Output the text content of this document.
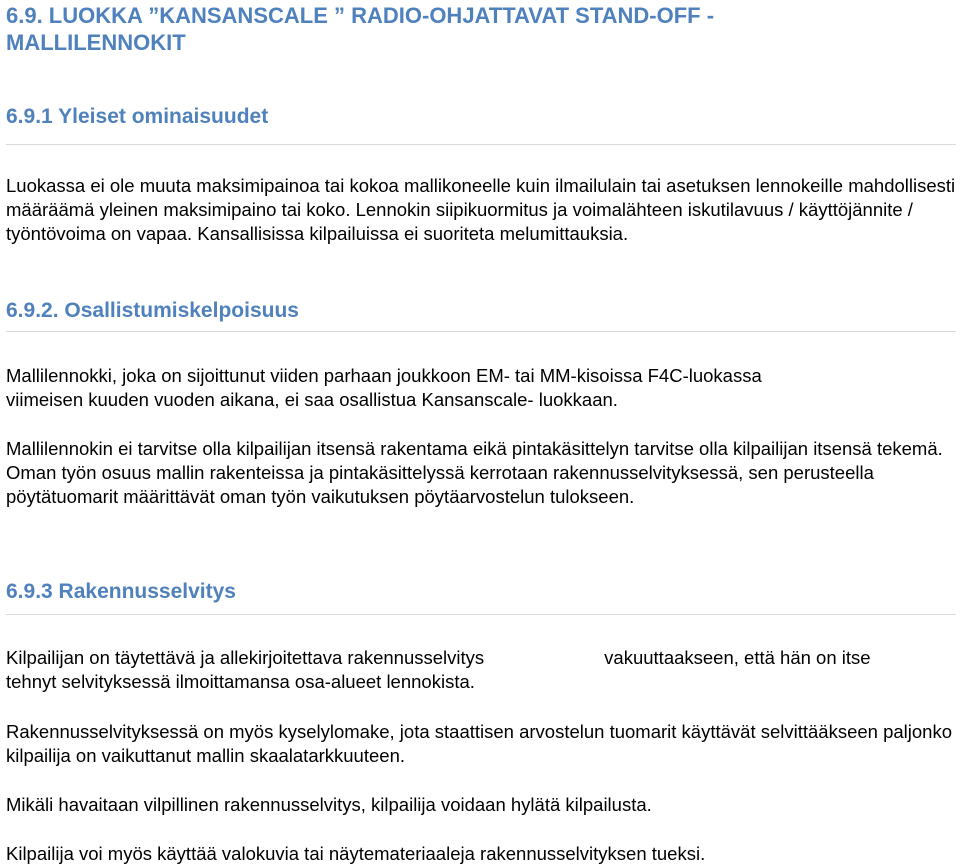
6.9. LUOKKA ”KANSANSCALE ” RADIO-OHJATTAVAT STAND-OFF -MALLILENNOKIT
6.9.1 Yleiset ominaisuudet

Luokassa ei ole muuta maksimipainoa tai kokoa mallikoneelle kuin ilmailulain tai asetuksen lennokeille mahdollisesti määräämä yleinen maksimipaino tai koko. Lennokin siipikuormitus ja voimalähteen iskutilavuus / käyttöjännite / työntövoima on vapaa. Kansallisissa kilpailuissa ei suoriteta melumittauksia.

6.9.2. Osallistumiskelpoisuus

Mallilennokki, joka on sijoittunut viiden parhaan joukkoon EM- tai MM-kisoissa F4C-luokassa viimeisen kuuden vuoden aikana, ei saa osallistua Kansanscale- luokkaan.

Mallilennokin ei tarvitse olla kilpailijan itsensä rakentama eikä pintakäsittelyn tarvitse olla kilpailijan itsensä tekemä. Oman työn osuus mallin rakenteissa ja pintakäsittelyssä kerrotaan rakennusselvityksessä, sen perusteella pöytätuomarit määrittävät oman työn vaikutuksen pöytäarvostelun tulokseen.

6.9.3 Rakennusselvitys

Kilpailijan on täytettävä ja allekirjoitettava rakennusselvitys	vakuuttaakseen, että hän on itse tehnyt selvityksessä ilmoittamansa osa-alueet lennokista.

Rakennusselvityksessä on myös kyselylomake, jota staattisen arvostelun tuomarit käyttävät selvittääkseen paljonko kilpailija on vaikuttanut mallin skaalatarkkuuteen.

Mikäli havaitaan vilpillinen rakennusselvitys, kilpailija voidaan hylätä kilpailusta.

Kilpailija voi myös käyttää valokuvia tai näytemateriaaleja rakennusselvityksen tueksi.
